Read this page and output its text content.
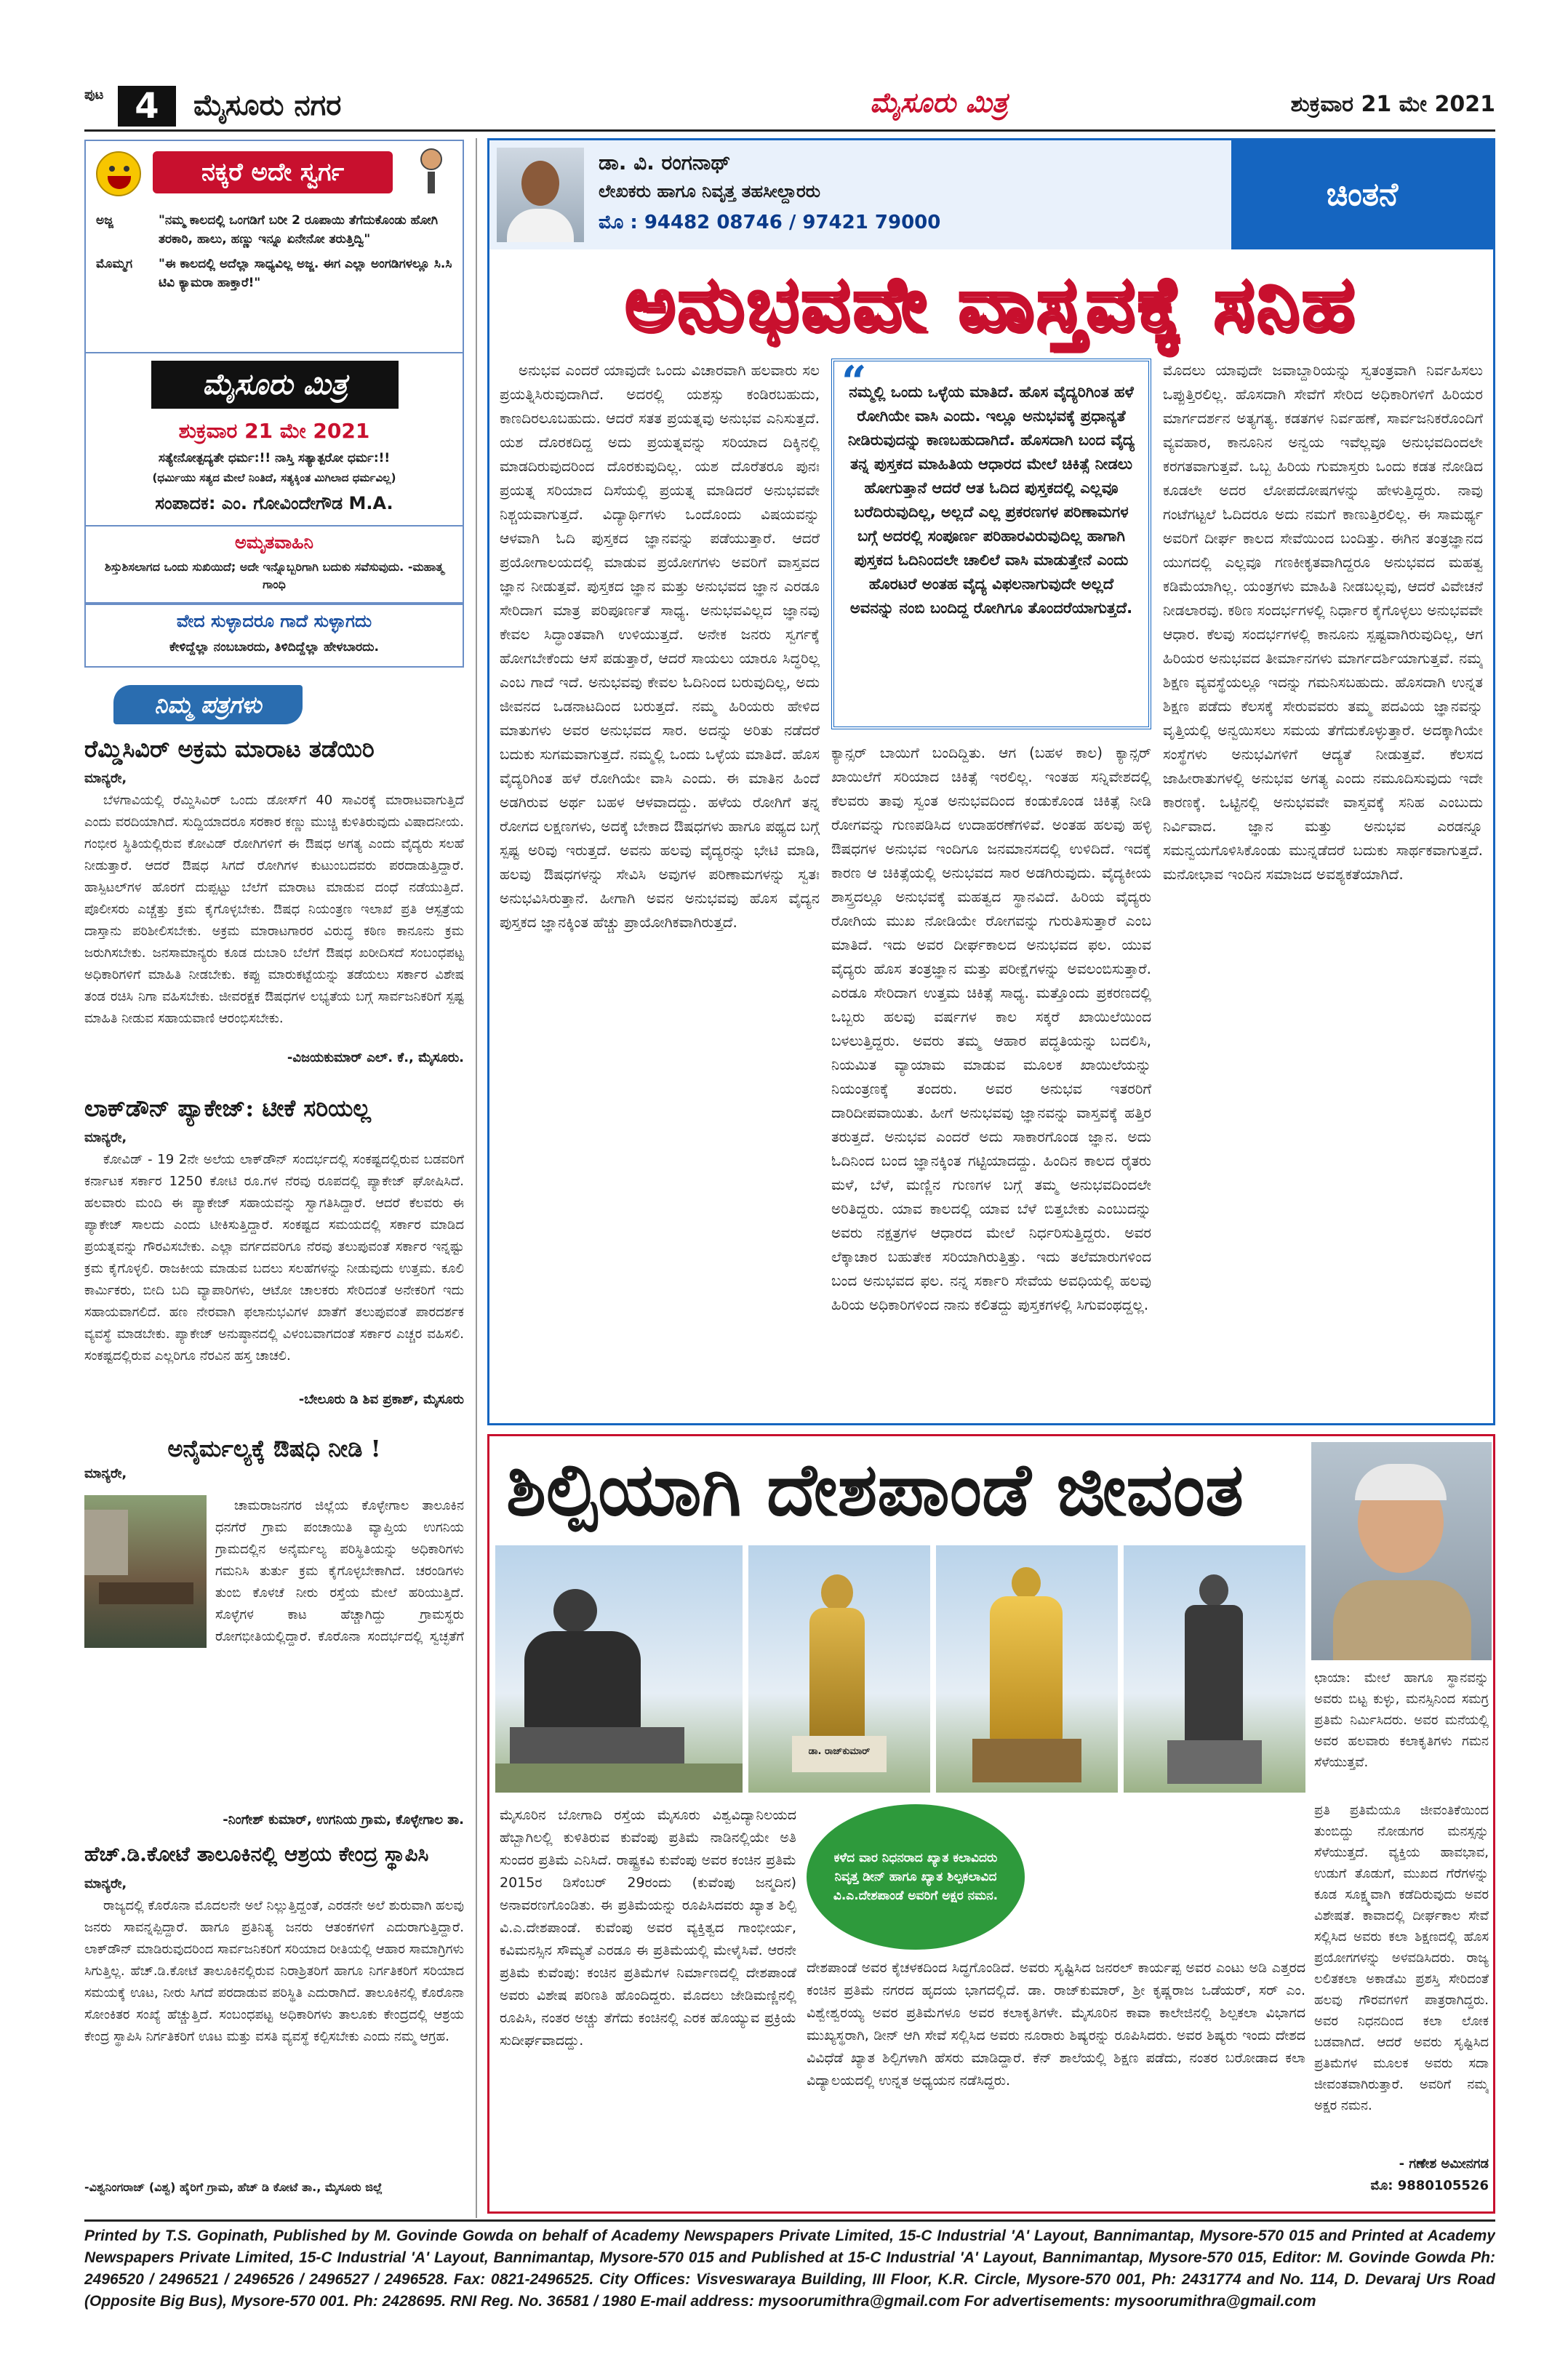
ಪುಟ 4	ಮೈಸೂರು ನಗರ	ಮೈಸೂರು ಮಿತ್ರ	ಶುಕ್ರವಾರ 21 ಮೇ 2021
ನಕ್ಕರೆ ಅದೇ ಸ್ವರ್ಗ
ಅಜ್ಜ	"ನಮ್ಮ ಕಾಲದಲ್ಲಿ ಒಂಗಡಿಗೆ ಬರೀ 2 ರೂಪಾಯಿ ತೆಗೆದುಕೊಂಡು ಹೋಗಿ ತರಕಾರಿ, ಹಾಲು, ಹಣ್ಣು ಇನ್ನೂ ಏನೇನೋ ತರುತ್ತಿದ್ವಿ"
ಮೊಮ್ಮಗ	"ಈ ಕಾಲದಲ್ಲಿ ಅದೆಲ್ಲಾ ಸಾಧ್ಯವಿಲ್ಲ ಅಜ್ಜ. ಈಗ ಎಲ್ಲಾ ಅಂಗಡಿಗಳಲ್ಲೂ ಸಿ.ಸಿ ಟಿವಿ ಕ್ಯಾಮರಾ ಹಾಕ್ತಾರೆ!"
ಮೈಸೂರು ಮಿತ್ರ
ಶುಕ್ರವಾರ 21 ಮೇ 2021
ಸತ್ಯೇನೋತ್ಪದ್ಯತೇ ಧರ್ಮ:!! ನಾಸ್ತಿ ಸತ್ಯಾತ್ಪರೋ ಧರ್ಮ:!!
(ಧರ್ಮಿಯು ಸತ್ಯದ ಮೇಲೆ ನಿಂತಿದೆ, ಸತ್ಯಕ್ಕಿಂತ ಮಿಗಿಲಾದ ಧರ್ಮವಿಲ್ಲ)
ಸಂಪಾದಕ: ಎಂ. ಗೋವಿಂದೇಗೌಡ M.A.
ಅಮೃತವಾಹಿನಿ
ಶಿಸ್ತುಶಿಸಲಾಗದ ಒಂದು ಸುಖಿಯಿದೆ; ಅದೇ ಇನ್ನೊಬ್ಬರಿಗಾಗಿ ಬದುಕು ಸವೆಸುವುದು. -ಮಹಾತ್ಮ ಗಾಂಧಿ
ವೇದ ಸುಳ್ಳಾದರೂ ಗಾದೆ ಸುಳ್ಳಾಗದು
ಕೇಳಿದ್ದೆಲ್ಲಾ ನಂಬಬಾರದು, ತಿಳಿದಿದ್ದೆಲ್ಲಾ ಹೇಳಬಾರದು.
ನಿಮ್ಮ ಪತ್ರಗಳು
ರೆಮ್ಡಿಸಿವಿರ್ ಅಕ್ರಮ ಮಾರಾಟ ತಡೆಯಿರಿ
ಮಾನ್ಯರೇ,

ಬೆಳಗಾವಿಯಲ್ಲಿ ರೆಮ್ಡಿಸಿವಿರ್ ಒಂದು ಡೋಸ್‌ಗೆ 40 ಸಾವಿರಕ್ಕೆ ಮಾರಾಟವಾಗುತ್ತಿದೆ ಎಂದು ವರದಿಯಾಗಿದೆ. ಸುದ್ದಿಯಾದರೂ ಸರಕಾರ ಕಣ್ಣು ಮುಚ್ಚಿ ಕುಳಿತಿರುವುದು ವಿಷಾದನೀಯ. ಗಂಭೀರ ಸ್ಥಿತಿಯಲ್ಲಿರುವ ಕೋವಿಡ್ ರೋಗಿಗಳಿಗೆ ಈ ಔಷಧ ಅಗತ್ಯ ಎಂದು ವೈದ್ಯರು ಸಲಹೆ ನೀಡುತ್ತಾರೆ. ಆದರೆ ಔಷಧ ಸಿಗದೆ ರೋಗಿಗಳ ಕುಟುಂಬದವರು ಪರದಾಡುತ್ತಿದ್ದಾರೆ. ಹಾಸ್ಪಿಟಲ್‌ಗಳ ಹೊರಗೆ ದುಪ್ಪಟ್ಟು ಬೆಲೆಗೆ ಮಾರಾಟ ಮಾಡುವ ದಂಧೆ ನಡೆಯುತ್ತಿದೆ. ಪೊಲೀಸರು ಎಚ್ಚೆತ್ತು ಕ್ರಮ ಕೈಗೊಳ್ಳಬೇಕು. ಔಷಧ ನಿಯಂತ್ರಣ ಇಲಾಖೆ ಪ್ರತಿ ಆಸ್ಪತ್ರೆಯ ದಾಸ್ತಾನು ಪರಿಶೀಲಿಸಬೇಕು. ಅಕ್ರಮ ಮಾರಾಟಗಾರರ ವಿರುದ್ಧ ಕಠಿಣ ಕಾನೂನು ಕ್ರಮ ಜರುಗಿಸಬೇಕು. ಜನಸಾಮಾನ್ಯರು ಕೂಡ ದುಬಾರಿ ಬೆಲೆಗೆ ಔಷಧ ಖರೀದಿಸದೆ ಸಂಬಂಧಪಟ್ಟ ಅಧಿಕಾರಿಗಳಿಗೆ ಮಾಹಿತಿ ನೀಡಬೇಕು. ಕಪ್ಪು ಮಾರುಕಟ್ಟೆಯನ್ನು ತಡೆಯಲು ಸರ್ಕಾರ ವಿಶೇಷ ತಂಡ ರಚಿಸಿ ನಿಗಾ ವಹಿಸಬೇಕು. ಜೀವರಕ್ಷಕ ಔಷಧಗಳ ಲಭ್ಯತೆಯ ಬಗ್ಗೆ ಸಾರ್ವಜನಿಕರಿಗೆ ಸ್ಪಷ್ಟ ಮಾಹಿತಿ ನೀಡುವ ಸಹಾಯವಾಣಿ ಆರಂಭಿಸಬೇಕು.

-ವಿಜಯಕುಮಾರ್ ಎಲ್. ಕೆ., ಮೈಸೂರು.
ಲಾಕ್‌ಡೌನ್ ಪ್ಯಾಕೇಜ್: ಟೀಕೆ ಸರಿಯಲ್ಲ
ಮಾನ್ಯರೇ,

ಕೋವಿಡ್ - 19 2ನೇ ಅಲೆಯ ಲಾಕ್‌ಡೌನ್ ಸಂದರ್ಭದಲ್ಲಿ ಸಂಕಷ್ಟದಲ್ಲಿರುವ ಬಡವರಿಗೆ ಕರ್ನಾಟಕ ಸರ್ಕಾರ 1250 ಕೋಟಿ ರೂ.ಗಳ ನೆರವು ರೂಪದಲ್ಲಿ ಪ್ಯಾಕೇಜ್ ಘೋಷಿಸಿದೆ. ಹಲವಾರು ಮಂದಿ ಈ ಪ್ಯಾಕೇಜ್ ಸಹಾಯವನ್ನು ಸ್ವಾಗತಿಸಿದ್ದಾರೆ. ಆದರೆ ಕೆಲವರು ಈ ಪ್ಯಾಕೇಜ್ ಸಾಲದು ಎಂದು ಟೀಕಿಸುತ್ತಿದ್ದಾರೆ. ಸಂಕಷ್ಟದ ಸಮಯದಲ್ಲಿ ಸರ್ಕಾರ ಮಾಡಿದ ಪ್ರಯತ್ನವನ್ನು ಗೌರವಿಸಬೇಕು. ಎಲ್ಲಾ ವರ್ಗದವರಿಗೂ ನೆರವು ತಲುಪುವಂತೆ ಸರ್ಕಾರ ಇನ್ನಷ್ಟು ಕ್ರಮ ಕೈಗೊಳ್ಳಲಿ. ರಾಜಕೀಯ ಮಾಡುವ ಬದಲು ಸಲಹೆಗಳನ್ನು ನೀಡುವುದು ಉತ್ತಮ. ಕೂಲಿ ಕಾರ್ಮಿಕರು, ಬೀದಿ ಬದಿ ವ್ಯಾಪಾರಿಗಳು, ಆಟೋ ಚಾಲಕರು ಸೇರಿದಂತೆ ಅನೇಕರಿಗೆ ಇದು ಸಹಾಯವಾಗಲಿದೆ. ಹಣ ನೇರವಾಗಿ ಫಲಾನುಭವಿಗಳ ಖಾತೆಗೆ ತಲುಪುವಂತೆ ಪಾರದರ್ಶಕ ವ್ಯವಸ್ಥೆ ಮಾಡಬೇಕು. ಪ್ಯಾಕೇಜ್ ಅನುಷ್ಠಾನದಲ್ಲಿ ವಿಳಂಬವಾಗದಂತೆ ಸರ್ಕಾರ ಎಚ್ಚರ ವಹಿಸಲಿ. ಸಂಕಷ್ಟದಲ್ಲಿರುವ ಎಲ್ಲರಿಗೂ ನೆರವಿನ ಹಸ್ತ ಚಾಚಲಿ.

-ಬೇಲೂರು ಡಿ ಶಿವ ಪ್ರಕಾಶ್, ಮೈಸೂರು
ಅನೈರ್ಮಲ್ಯಕ್ಕೆ ಔಷಧಿ ನೀಡಿ !
ಮಾನ್ಯರೇ,

ಚಾಮರಾಜನಗರ ಜಿಲ್ಲೆಯ ಕೊಳ್ಳೇಗಾಲ ತಾಲೂಕಿನ ಧನಗೆರೆ ಗ್ರಾಮ ಪಂಚಾಯಿತಿ ವ್ಯಾಪ್ತಿಯ ಉಗನಿಯ ಗ್ರಾಮದಲ್ಲಿನ ಅನೈರ್ಮಲ್ಯ ಪರಿಸ್ಥಿತಿಯನ್ನು ಅಧಿಕಾರಿಗಳು ಗಮನಿಸಿ ತುರ್ತು ಕ್ರಮ ಕೈಗೊಳ್ಳಬೇಕಾಗಿದೆ. ಚರಂಡಿಗಳು ತುಂಬಿ ಕೊಳಚೆ ನೀರು ರಸ್ತೆಯ ಮೇಲೆ ಹರಿಯುತ್ತಿದೆ. ಸೊಳ್ಳೆಗಳ ಕಾಟ ಹೆಚ್ಚಾಗಿದ್ದು ಗ್ರಾಮಸ್ಥರು ರೋಗಭೀತಿಯಲ್ಲಿದ್ದಾರೆ. ಕೊರೊನಾ ಸಂದರ್ಭದಲ್ಲಿ ಸ್ವಚ್ಛತೆಗೆ

-ನಿಂಗೇಶ್ ಕುಮಾರ್, ಉಗನಿಯ ಗ್ರಾಮ, ಕೊಳ್ಳೇಗಾಲ ತಾ.
ಹೆಚ್.ಡಿ.ಕೋಟೆ ತಾಲೂಕಿನಲ್ಲಿ ಆಶ್ರಯ ಕೇಂದ್ರ ಸ್ಥಾಪಿಸಿ
ಮಾನ್ಯರೇ,

ರಾಜ್ಯದಲ್ಲಿ ಕೊರೊನಾ ಮೊದಲನೇ ಅಲೆ ನಿಲ್ಲುತ್ತಿದ್ದಂತೆ, ಎರಡನೇ ಅಲೆ ಶುರುವಾಗಿ ಹಲವು ಜನರು ಸಾವನ್ನಪ್ಪಿದ್ದಾರೆ. ಹಾಗೂ ಪ್ರತಿನಿತ್ಯ ಜನರು ಆತಂಕಗಳಿಗೆ ಎದುರಾಗುತ್ತಿದ್ದಾರೆ. ಲಾಕ್‌ಡೌನ್ ಮಾಡಿರುವುದರಿಂದ ಸಾರ್ವಜನಿಕರಿಗೆ ಸರಿಯಾದ ರೀತಿಯಲ್ಲಿ ಆಹಾರ ಸಾಮಾಗ್ರಿಗಳು ಸಿಗುತ್ತಿಲ್ಲ. ಹೆಚ್.ಡಿ.ಕೋಟೆ ತಾಲೂಕಿನಲ್ಲಿರುವ ನಿರಾಶ್ರಿತರಿಗೆ ಹಾಗೂ ನಿರ್ಗತಿಕರಿಗೆ ಸರಿಯಾದ ಸಮಯಕ್ಕೆ ಊಟ, ನೀರು ಸಿಗದೆ ಪರದಾಡುವ ಪರಿಸ್ಥಿತಿ ಎದುರಾಗಿದೆ. ತಾಲೂಕಿನಲ್ಲಿ ಕೊರೊನಾ ಸೋಂಕಿತರ ಸಂಖ್ಯೆ ಹೆಚ್ಚುತ್ತಿದೆ. ಸಂಬಂಧಪಟ್ಟ ಅಧಿಕಾರಿಗಳು ತಾಲೂಕು ಕೇಂದ್ರದಲ್ಲಿ ಆಶ್ರಯ ಕೇಂದ್ರ ಸ್ಥಾಪಿಸಿ ನಿರ್ಗತಿಕರಿಗೆ ಊಟ ಮತ್ತು ವಸತಿ ವ್ಯವಸ್ಥೆ ಕಲ್ಪಿಸಬೇಕು ಎಂದು ನಮ್ಮ ಆಗ್ರಹ.

-ವಿಶ್ವನಿಂಗರಾಜ್ (ವಿಶ್ವ) ಹೈರಿಗೆ ಗ್ರಾಮ, ಹೆಚ್ ಡಿ ಕೋಟೆ ತಾ., ಮೈಸೂರು ಜಿಲ್ಲೆ
ಡಾ. ವಿ. ರಂಗನಾಥ್
ಲೇಖಕರು ಹಾಗೂ ನಿವೃತ್ತ ತಹಸೀಲ್ದಾರರು
ಮೊ : 94482 08746 / 97421 79000
ಚಿಂತನೆ
ಅನುಭವವೇ ವಾಸ್ತವಕ್ಕೆ ಸನಿಹ
ಅನುಭವ ಎಂದರೆ ಯಾವುದೇ ಒಂದು ವಿಚಾರವಾಗಿ ಹಲವಾರು ಸಲ ಪ್ರಯತ್ನಿಸಿರುವುದಾಗಿದೆ. ಅದರಲ್ಲಿ ಯಶಸ್ಸು ಕಂಡಿರಬಹುದು, ಕಾಣದಿರಲೂಬಹುದು. ಆದರೆ ಸತತ ಪ್ರಯತ್ನವು ಅನುಭವ ಎನಿಸುತ್ತದೆ. ಯಶ ದೊರಕದಿದ್ದ ಅದು ಪ್ರಯತ್ನವನ್ನು ಸರಿಯಾದ ದಿಕ್ಕಿನಲ್ಲಿ ಮಾಡದಿರುವುದರಿಂದ ದೊರಕುವುದಿಲ್ಲ. ಯಶ ದೊರೆತರೂ ಪುನಃ ಪ್ರಯತ್ನ ಸರಿಯಾದ ದಿಸೆಯಲ್ಲಿ ಪ್ರಯತ್ನ ಮಾಡಿದರೆ ಅನುಭವವೇ ನಿಶ್ಚಯವಾಗುತ್ತದೆ. ವಿದ್ಯಾರ್ಥಿಗಳು ಒಂದೊಂದು ವಿಷಯವನ್ನು ಆಳವಾಗಿ ಓದಿ ಪುಸ್ತಕದ ಜ್ಞಾನವನ್ನು ಪಡೆಯುತ್ತಾರೆ. ಆದರೆ ಪ್ರಯೋಗಾಲಯದಲ್ಲಿ ಮಾಡುವ ಪ್ರಯೋಗಗಳು ಅವರಿಗೆ ವಾಸ್ತವದ ಜ್ಞಾನ ನೀಡುತ್ತವೆ. ಪುಸ್ತಕದ ಜ್ಞಾನ ಮತ್ತು ಅನುಭವದ ಜ್ಞಾನ ಎರಡೂ ಸೇರಿದಾಗ ಮಾತ್ರ ಪರಿಪೂರ್ಣತೆ ಸಾಧ್ಯ. ಅನುಭವವಿಲ್ಲದ ಜ್ಞಾನವು ಕೇವಲ ಸಿದ್ಧಾಂತವಾಗಿ ಉಳಿಯುತ್ತದೆ. ಅನೇಕ ಜನರು ಸ್ವರ್ಗಕ್ಕೆ ಹೋಗಬೇಕೆಂದು ಆಸೆ ಪಡುತ್ತಾರೆ, ಆದರೆ ಸಾಯಲು ಯಾರೂ ಸಿದ್ಧರಿಲ್ಲ ಎಂಬ ಗಾದೆ ಇದೆ. ಅನುಭವವು ಕೇವಲ ಓದಿನಿಂದ ಬರುವುದಿಲ್ಲ, ಅದು ಜೀವನದ ಒಡನಾಟದಿಂದ ಬರುತ್ತದೆ. ನಮ್ಮ ಹಿರಿಯರು ಹೇಳಿದ ಮಾತುಗಳು ಅವರ ಅನುಭವದ ಸಾರ. ಅದನ್ನು ಅರಿತು ನಡೆದರೆ ಬದುಕು ಸುಗಮವಾಗುತ್ತದೆ. ನಮ್ಮಲ್ಲಿ ಒಂದು ಒಳ್ಳೆಯ ಮಾತಿದೆ. ಹೊಸ ವೈದ್ಯರಿಗಿಂತ ಹಳೆ ರೋಗಿಯೇ ವಾಸಿ ಎಂದು. ಈ ಮಾತಿನ ಹಿಂದೆ ಅಡಗಿರುವ ಅರ್ಥ ಬಹಳ ಆಳವಾದದ್ದು. ಹಳೆಯ ರೋಗಿಗೆ ತನ್ನ ರೋಗದ ಲಕ್ಷಣಗಳು, ಅದಕ್ಕೆ ಬೇಕಾದ ಔಷಧಗಳು ಹಾಗೂ ಪಥ್ಯದ ಬಗ್ಗೆ ಸ್ಪಷ್ಟ ಅರಿವು ಇರುತ್ತದೆ. ಅವನು ಹಲವು ವೈದ್ಯರನ್ನು ಭೇಟಿ ಮಾಡಿ, ಹಲವು ಔಷಧಗಳನ್ನು ಸೇವಿಸಿ ಅವುಗಳ ಪರಿಣಾಮಗಳನ್ನು ಸ್ವತಃ ಅನುಭವಿಸಿರುತ್ತಾನೆ. ಹೀಗಾಗಿ ಅವನ ಅನುಭವವು ಹೊಸ ವೈದ್ಯನ ಪುಸ್ತಕದ ಜ್ಞಾನಕ್ಕಿಂತ ಹೆಚ್ಚು ಪ್ರಾಯೋಗಿಕವಾಗಿರುತ್ತದೆ.
“
ನಮ್ಮಲ್ಲಿ ಒಂದು ಒಳ್ಳೆಯ ಮಾತಿದೆ. ಹೊಸ ವೈದ್ಯರಿಗಿಂತ ಹಳೆ ರೋಗಿಯೇ ವಾಸಿ ಎಂದು. ಇಲ್ಲೂ ಅನುಭವಕ್ಕೆ ಪ್ರಧಾನ್ಯತೆ ನೀಡಿರುವುದನ್ನು ಕಾಣಬಹುದಾಗಿದೆ. ಹೊಸದಾಗಿ ಬಂದ ವೈದ್ಯ ತನ್ನ ಪುಸ್ತಕದ ಮಾಹಿತಿಯ ಆಧಾರದ ಮೇಲೆ ಚಿಕಿತ್ಸೆ ನೀಡಲು ಹೋಗುತ್ತಾನೆ ಆದರೆ ಆತ ಓದಿದ ಪುಸ್ತಕದಲ್ಲಿ ಎಲ್ಲವೂ ಬರೆದಿರುವುದಿಲ್ಲ, ಅಲ್ಲದೆ ಎಲ್ಲ ಪ್ರಕರಣಗಳ ಪರಿಣಾಮಗಳ ಬಗ್ಗೆ ಅದರಲ್ಲಿ ಸಂಪೂರ್ಣ ಪರಿಹಾರವಿರುವುದಿಲ್ಲ ಹಾಗಾಗಿ ಪುಸ್ತಕದ ಓದಿನಿಂದಲೇ ಚಾಲಿಲೆ ವಾಸಿ ಮಾಡುತ್ತೇನೆ ಎಂದು ಹೊರಟರೆ ಅಂತಹ ವೈದ್ಯ ವಿಫಲನಾಗುವುದೇ ಅಲ್ಲದೆ ಅವನನ್ನು ನಂಬಿ ಬಂದಿದ್ದ ರೋಗಿಗೂ ತೊಂದರೆಯಾಗುತ್ತದೆ.
ಕ್ಯಾನ್ಸರ್ ಬಾಯಿಗೆ ಬಂದಿದ್ದಿತು. ಆಗ (ಬಹಳ ಕಾಲ) ಕ್ಯಾನ್ಸರ್ ಖಾಯಿಲೆಗೆ ಸರಿಯಾದ ಚಿಕಿತ್ಸೆ ಇರಲಿಲ್ಲ. ಇಂತಹ ಸನ್ನಿವೇಶದಲ್ಲಿ ಕೆಲವರು ತಾವು ಸ್ವಂತ ಅನುಭವದಿಂದ ಕಂಡುಕೊಂಡ ಚಿಕಿತ್ಸೆ ನೀಡಿ ರೋಗವನ್ನು ಗುಣಪಡಿಸಿದ ಉದಾಹರಣೆಗಳಿವೆ. ಅಂತಹ ಹಲವು ಹಳ್ಳಿ ಔಷಧಗಳ ಅನುಭವ ಇಂದಿಗೂ ಜನಮಾನಸದಲ್ಲಿ ಉಳಿದಿದೆ. ಇದಕ್ಕೆ ಕಾರಣ ಆ ಚಿಕಿತ್ಸೆಯಲ್ಲಿ ಅನುಭವದ ಸಾರ ಅಡಗಿರುವುದು. ವೈದ್ಯಕೀಯ ಶಾಸ್ತ್ರದಲ್ಲೂ ಅನುಭವಕ್ಕೆ ಮಹತ್ವದ ಸ್ಥಾನವಿದೆ. ಹಿರಿಯ ವೈದ್ಯರು ರೋಗಿಯ ಮುಖ ನೋಡಿಯೇ ರೋಗವನ್ನು ಗುರುತಿಸುತ್ತಾರೆ ಎಂಬ ಮಾತಿದೆ. ಇದು ಅವರ ದೀರ್ಘಕಾಲದ ಅನುಭವದ ಫಲ. ಯುವ ವೈದ್ಯರು ಹೊಸ ತಂತ್ರಜ್ಞಾನ ಮತ್ತು ಪರೀಕ್ಷೆಗಳನ್ನು ಅವಲಂಬಿಸುತ್ತಾರೆ. ಎರಡೂ ಸೇರಿದಾಗ ಉತ್ತಮ ಚಿಕಿತ್ಸೆ ಸಾಧ್ಯ. ಮತ್ತೊಂದು ಪ್ರಕರಣದಲ್ಲಿ ಒಬ್ಬರು ಹಲವು ವರ್ಷಗಳ ಕಾಲ ಸಕ್ಕರೆ ಖಾಯಿಲೆಯಿಂದ ಬಳಲುತ್ತಿದ್ದರು. ಅವರು ತಮ್ಮ ಆಹಾರ ಪದ್ಧತಿಯನ್ನು ಬದಲಿಸಿ, ನಿಯಮಿತ ವ್ಯಾಯಾಮ ಮಾಡುವ ಮೂಲಕ ಖಾಯಿಲೆಯನ್ನು ನಿಯಂತ್ರಣಕ್ಕೆ ತಂದರು. ಅವರ ಅನುಭವ ಇತರರಿಗೆ ದಾರಿದೀಪವಾಯಿತು. ಹೀಗೆ ಅನುಭವವು ಜ್ಞಾನವನ್ನು ವಾಸ್ತವಕ್ಕೆ ಹತ್ತಿರ ತರುತ್ತದೆ. ಅನುಭವ ಎಂದರೆ ಅದು ಸಾಕಾರಗೊಂಡ ಜ್ಞಾನ. ಅದು ಓದಿನಿಂದ ಬಂದ ಜ್ಞಾನಕ್ಕಿಂತ ಗಟ್ಟಿಯಾದದ್ದು. ಹಿಂದಿನ ಕಾಲದ ರೈತರು ಮಳೆ, ಬೆಳೆ, ಮಣ್ಣಿನ ಗುಣಗಳ ಬಗ್ಗೆ ತಮ್ಮ ಅನುಭವದಿಂದಲೇ ಅರಿತಿದ್ದರು. ಯಾವ ಕಾಲದಲ್ಲಿ ಯಾವ ಬೆಳೆ ಬಿತ್ತಬೇಕು ಎಂಬುದನ್ನು ಅವರು ನಕ್ಷತ್ರಗಳ ಆಧಾರದ ಮೇಲೆ ನಿರ್ಧರಿಸುತ್ತಿದ್ದರು. ಅವರ ಲೆಕ್ಕಾಚಾರ ಬಹುತೇಕ ಸರಿಯಾಗಿರುತ್ತಿತ್ತು. ಇದು ತಲೆಮಾರುಗಳಿಂದ ಬಂದ ಅನುಭವದ ಫಲ. ನನ್ನ ಸರ್ಕಾರಿ ಸೇವೆಯ ಅವಧಿಯಲ್ಲಿ ಹಲವು ಹಿರಿಯ ಅಧಿಕಾರಿಗಳಿಂದ ನಾನು ಕಲಿತದ್ದು ಪುಸ್ತಕಗಳಲ್ಲಿ ಸಿಗುವಂಥದ್ದಲ್ಲ.
ಮೊದಲು ಯಾವುದೇ ಜವಾಬ್ದಾರಿಯನ್ನು ಸ್ವತಂತ್ರವಾಗಿ ನಿರ್ವಹಿಸಲು ಒಪ್ಪುತ್ತಿರಲಿಲ್ಲ. ಹೊಸದಾಗಿ ಸೇವೆಗೆ ಸೇರಿದ ಅಧಿಕಾರಿಗಳಿಗೆ ಹಿರಿಯರ ಮಾರ್ಗದರ್ಶನ ಅತ್ಯಗತ್ಯ. ಕಡತಗಳ ನಿರ್ವಹಣೆ, ಸಾರ್ವಜನಿಕರೊಂದಿಗೆ ವ್ಯವಹಾರ, ಕಾನೂನಿನ ಅನ್ವಯ ಇವೆಲ್ಲವೂ ಅನುಭವದಿಂದಲೇ ಕರಗತವಾಗುತ್ತವೆ. ಒಬ್ಬ ಹಿರಿಯ ಗುಮಾಸ್ತರು ಒಂದು ಕಡತ ನೋಡಿದ ಕೂಡಲೇ ಅದರ ಲೋಪದೋಷಗಳನ್ನು ಹೇಳುತ್ತಿದ್ದರು. ನಾವು ಗಂಟೆಗಟ್ಟಲೆ ಓದಿದರೂ ಅದು ನಮಗೆ ಕಾಣುತ್ತಿರಲಿಲ್ಲ. ಈ ಸಾಮರ್ಥ್ಯ ಅವರಿಗೆ ದೀರ್ಘ ಕಾಲದ ಸೇವೆಯಿಂದ ಬಂದಿತ್ತು. ಈಗಿನ ತಂತ್ರಜ್ಞಾನದ ಯುಗದಲ್ಲಿ ಎಲ್ಲವೂ ಗಣಕೀಕೃತವಾಗಿದ್ದರೂ ಅನುಭವದ ಮಹತ್ವ ಕಡಿಮೆಯಾಗಿಲ್ಲ. ಯಂತ್ರಗಳು ಮಾಹಿತಿ ನೀಡಬಲ್ಲವು, ಆದರೆ ವಿವೇಚನೆ ನೀಡಲಾರವು. ಕಠಿಣ ಸಂದರ್ಭಗಳಲ್ಲಿ ನಿರ್ಧಾರ ಕೈಗೊಳ್ಳಲು ಅನುಭವವೇ ಆಧಾರ. ಕೆಲವು ಸಂದರ್ಭಗಳಲ್ಲಿ ಕಾನೂನು ಸ್ಪಷ್ಟವಾಗಿರುವುದಿಲ್ಲ, ಆಗ ಹಿರಿಯರ ಅನುಭವದ ತೀರ್ಮಾನಗಳು ಮಾರ್ಗದರ್ಶಿಯಾಗುತ್ತವೆ. ನಮ್ಮ ಶಿಕ್ಷಣ ವ್ಯವಸ್ಥೆಯಲ್ಲೂ ಇದನ್ನು ಗಮನಿಸಬಹುದು. ಹೊಸದಾಗಿ ಉನ್ನತ ಶಿಕ್ಷಣ ಪಡೆದು ಕೆಲಸಕ್ಕೆ ಸೇರುವವರು ತಮ್ಮ ಪದವಿಯ ಜ್ಞಾನವನ್ನು ವೃತ್ತಿಯಲ್ಲಿ ಅನ್ವಯಿಸಲು ಸಮಯ ತೆಗೆದುಕೊಳ್ಳುತ್ತಾರೆ. ಅದಕ್ಕಾಗಿಯೇ ಸಂಸ್ಥೆಗಳು ಅನುಭವಿಗಳಿಗೆ ಆದ್ಯತೆ ನೀಡುತ್ತವೆ. ಕೆಲಸದ ಜಾಹೀರಾತುಗಳಲ್ಲಿ ಅನುಭವ ಅಗತ್ಯ ಎಂದು ನಮೂದಿಸುವುದು ಇದೇ ಕಾರಣಕ್ಕೆ. ಒಟ್ಟಿನಲ್ಲಿ ಅನುಭವವೇ ವಾಸ್ತವಕ್ಕೆ ಸನಿಹ ಎಂಬುದು ನಿರ್ವಿವಾದ. ಜ್ಞಾನ ಮತ್ತು ಅನುಭವ ಎರಡನ್ನೂ ಸಮನ್ವಯಗೊಳಿಸಿಕೊಂಡು ಮುನ್ನಡೆದರೆ ಬದುಕು ಸಾರ್ಥಕವಾಗುತ್ತದೆ. ಮನೋಭಾವ ಇಂದಿನ ಸಮಾಜದ ಅವಶ್ಯಕತೆಯಾಗಿದೆ.
ಶಿಲ್ಪಿಯಾಗಿ ದೇಶಪಾಂಡೆ ಜೀವಂತ
ಡಾ. ರಾಜ್‌ಕುಮಾರ್
ಮೈಸೂರಿನ ಬೋಗಾದಿ ರಸ್ತೆಯ ಮೈಸೂರು ವಿಶ್ವವಿದ್ಯಾನಿಲಯದ ಹೆಬ್ಬಾಗಿಲಲ್ಲಿ ಕುಳಿತಿರುವ ಕುವೆಂಪು ಪ್ರತಿಮೆ ನಾಡಿನಲ್ಲಿಯೇ ಅತಿ ಸುಂದರ ಪ್ರತಿಮೆ ಎನಿಸಿದೆ. ರಾಷ್ಟ್ರಕವಿ ಕುವೆಂಪು ಅವರ ಕಂಚಿನ ಪ್ರತಿಮೆ 2015ರ ಡಿಸೆಂಬರ್ 29ರಂದು (ಕುವೆಂಪು ಜನ್ಮದಿನ) ಅನಾವರಣಗೊಂಡಿತು. ಈ ಪ್ರತಿಮೆಯನ್ನು ರೂಪಿಸಿದವರು ಖ್ಯಾತ ಶಿಲ್ಪಿ ವಿ.ಎ.ದೇಶಪಾಂಡೆ. ಕುವೆಂಪು ಅವರ ವ್ಯಕ್ತಿತ್ವದ ಗಾಂಭೀರ್ಯ, ಕವಿಮನಸ್ಸಿನ ಸೌಮ್ಯತೆ ಎರಡೂ ಈ ಪ್ರತಿಮೆಯಲ್ಲಿ ಮೇಳೈಸಿವೆ. ಆರನೇ ಪ್ರತಿಮೆ ಕುವೆಂಪು: ಕಂಚಿನ ಪ್ರತಿಮೆಗಳ ನಿರ್ಮಾಣದಲ್ಲಿ ದೇಶಪಾಂಡೆ ಅವರು ವಿಶೇಷ ಪರಿಣತಿ ಹೊಂದಿದ್ದರು. ಮೊದಲು ಜೇಡಿಮಣ್ಣಿನಲ್ಲಿ ರೂಪಿಸಿ, ನಂತರ ಅಚ್ಚು ತೆಗೆದು ಕಂಚಿನಲ್ಲಿ ಎರಕ ಹೊಯ್ಯುವ ಪ್ರಕ್ರಿಯೆ ಸುದೀರ್ಘವಾದದ್ದು.
ಕಳೆದ ವಾರ ನಿಧನರಾದ ಖ್ಯಾತ ಕಲಾವಿದರು ನಿವೃತ್ತ ಡೀನ್ ಹಾಗೂ ಖ್ಯಾತ ಶಿಲ್ಪಕಲಾವಿದ ವಿ.ಎ.ದೇಶಪಾಂಡೆ ಅವರಿಗೆ ಅಕ್ಷರ ನಮನ.
ದೇಶಪಾಂಡೆ ಅವರ ಕೈಚಳಕದಿಂದ ಸಿದ್ಧಗೊಂಡಿದೆ. ಅವರು ಸೃಷ್ಟಿಸಿದ ಜನರಲ್ ಕಾರ್ಯಪ್ಪ ಅವರ ಎಂಟು ಅಡಿ ಎತ್ತರದ ಕಂಚಿನ ಪ್ರತಿಮೆ ನಗರದ ಹೃದಯ ಭಾಗದಲ್ಲಿದೆ. ಡಾ. ರಾಜ್‌ಕುಮಾರ್, ಶ್ರೀ ಕೃಷ್ಣರಾಜ ಒಡೆಯರ್, ಸರ್ ಎಂ. ವಿಶ್ವೇಶ್ವರಯ್ಯ ಅವರ ಪ್ರತಿಮೆಗಳೂ ಅವರ ಕಲಾಕೃತಿಗಳೇ. ಮೈಸೂರಿನ ಕಾವಾ ಕಾಲೇಜಿನಲ್ಲಿ ಶಿಲ್ಪಕಲಾ ವಿಭಾಗದ ಮುಖ್ಯಸ್ಥರಾಗಿ, ಡೀನ್ ಆಗಿ ಸೇವೆ ಸಲ್ಲಿಸಿದ ಅವರು ನೂರಾರು ಶಿಷ್ಯರನ್ನು ರೂಪಿಸಿದರು. ಅವರ ಶಿಷ್ಯರು ಇಂದು ದೇಶದ ವಿವಿಧೆಡೆ ಖ್ಯಾತ ಶಿಲ್ಪಿಗಳಾಗಿ ಹೆಸರು ಮಾಡಿದ್ದಾರೆ. ಕೆನ್ ಶಾಲೆಯಲ್ಲಿ ಶಿಕ್ಷಣ ಪಡೆದು, ನಂತರ ಬರೋಡಾದ ಕಲಾ ವಿದ್ಯಾಲಯದಲ್ಲಿ ಉನ್ನತ ಅಧ್ಯಯನ ನಡೆಸಿದ್ದರು.
ಛಾಯಾ: ಮೇಲೆ ಹಾಗೂ ಸ್ಥಾನವನ್ನು ಅವರು ಬಿಟ್ಟ ಕುಳ್ಳು, ಮನಸ್ಸಿನಿಂದ ಸಮಗ್ರ ಪ್ರತಿಮೆ ನಿರ್ಮಿಸಿದರು. ಅವರ ಮನೆಯಲ್ಲಿ ಅವರ ಹಲವಾರು ಕಲಾಕೃತಿಗಳು ಗಮನ ಸೆಳೆಯುತ್ತವೆ.
ಪ್ರತಿ ಪ್ರತಿಮೆಯೂ ಜೀವಂತಿಕೆಯಿಂದ ತುಂಬಿದ್ದು ನೋಡುಗರ ಮನಸ್ಸನ್ನು ಸೆಳೆಯುತ್ತದೆ. ವ್ಯಕ್ತಿಯ ಹಾವಭಾವ, ಉಡುಗೆ ತೊಡುಗೆ, ಮುಖದ ಗೆರೆಗಳನ್ನು ಕೂಡ ಸೂಕ್ಷ್ಮವಾಗಿ ಕಡೆದಿರುವುದು ಅವರ ವಿಶೇಷತೆ. ಕಾವಾದಲ್ಲಿ ದೀರ್ಘಕಾಲ ಸೇವೆ ಸಲ್ಲಿಸಿದ ಅವರು ಕಲಾ ಶಿಕ್ಷಣದಲ್ಲಿ ಹೊಸ ಪ್ರಯೋಗಗಳನ್ನು ಅಳವಡಿಸಿದರು. ರಾಜ್ಯ ಲಲಿತಕಲಾ ಅಕಾಡೆಮಿ ಪ್ರಶಸ್ತಿ ಸೇರಿದಂತೆ ಹಲವು ಗೌರವಗಳಿಗೆ ಪಾತ್ರರಾಗಿದ್ದರು. ಅವರ ನಿಧನದಿಂದ ಕಲಾ ಲೋಕ ಬಡವಾಗಿದೆ. ಆದರೆ ಅವರು ಸೃಷ್ಟಿಸಿದ ಪ್ರತಿಮೆಗಳ ಮೂಲಕ ಅವರು ಸದಾ ಜೀವಂತವಾಗಿರುತ್ತಾರೆ. ಅವರಿಗೆ ನಮ್ಮ ಅಕ್ಷರ ನಮನ.
- ಗಣೇಶ ಅಮೀನಗಡ
ಮೊ: 9880105526
Printed by T.S. Gopinath, Published by M. Govinde Gowda on behalf of Academy Newspapers Private Limited, 15-C Industrial 'A' Layout, Bannimantap, Mysore-570 015 and Printed at Academy Newspapers Private Limited, 15-C Industrial 'A' Layout, Bannimantap, Mysore-570 015 and Published at 15-C Industrial 'A' Layout, Bannimantap, Mysore-570 015, Editor: M. Govinde Gowda Ph: 2496520 / 2496521 / 2496526 / 2496527 / 2496528. Fax: 0821-2496525. City Offices: Visveswaraya Building, III Floor, K.R. Circle, Mysore-570 001, Ph: 2431774 and No. 114, D. Devaraj Urs Road (Opposite Big Bus), Mysore-570 001. Ph: 2428695. RNI Reg. No. 36581 / 1980 E-mail address: mysoorumithra@gmail.com For advertisements: mysoorumithra@gmail.com
